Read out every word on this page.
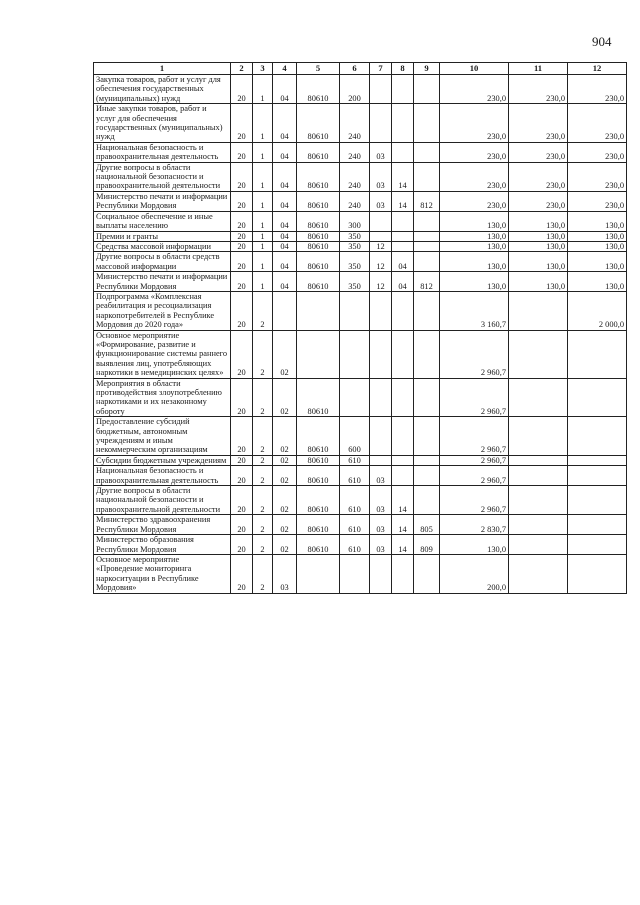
904
1	2	3	4	5	6	7	8	9	10	11	12
Закупка товаров, работ и услуг для обеспечения государственных (муниципальных) нужд	20	1	04	80610	200				230,0	230,0	230,0
Иные закупки товаров, работ и услуг для обеспечения государственных (муниципальных) нужд	20	1	04	80610	240				230,0	230,0	230,0
Национальная безопасность и правоохранительная деятельность	20	1	04	80610	240	03			230,0	230,0	230,0
Другие вопросы в области национальной безопасности и правоохранительной деятельности	20	1	04	80610	240	03	14		230,0	230,0	230,0
Министерство печати и информации Республики Мордовия	20	1	04	80610	240	03	14	812	230,0	230,0	230,0
Социальное обеспечение и иные выплаты населению	20	1	04	80610	300				130,0	130,0	130,0
Премии и гранты	20	1	04	80610	350				130,0	130,0	130,0
Средства массовой информации	20	1	04	80610	350	12			130,0	130,0	130,0
Другие вопросы в области средств массовой информации	20	1	04	80610	350	12	04		130,0	130,0	130,0
Министерство печати и информации Республики Мордовия	20	1	04	80610	350	12	04	812	130,0	130,0	130,0
Подпрограмма «Комплексная реабилитация и ресоциализация наркопотребителей в Республике Мордовия до 2020 года»	20	2							3 160,7		2 000,0
Основное мероприятие «Формирование, развитие и функционирование системы раннего выявления лиц, употребляющих наркотики в немедицинских целях»	20	2	02						2 960,7		
Мероприятия в области противодействия злоупотреблению наркотиками и их незаконному обороту	20	2	02	80610					2 960,7		
Предоставление субсидий бюджетным, автономным учреждениям и иным некоммерческим организациям	20	2	02	80610	600				2 960,7		
Субсидии бюджетным учреждениям	20	2	02	80610	610				2 960,7		
Национальная безопасность и правоохранительная деятельность	20	2	02	80610	610	03			2 960,7		
Другие вопросы в области национальной безопасности и правоохранительной деятельности	20	2	02	80610	610	03	14		2 960,7		
Министерство здравоохранения Республики Мордовия	20	2	02	80610	610	03	14	805	2 830,7		
Министерство образования Республики Мордовия	20	2	02	80610	610	03	14	809	130,0		
Основное мероприятие «Проведение мониторинга наркоситуации в Республике Мордовия»	20	2	03						200,0		
